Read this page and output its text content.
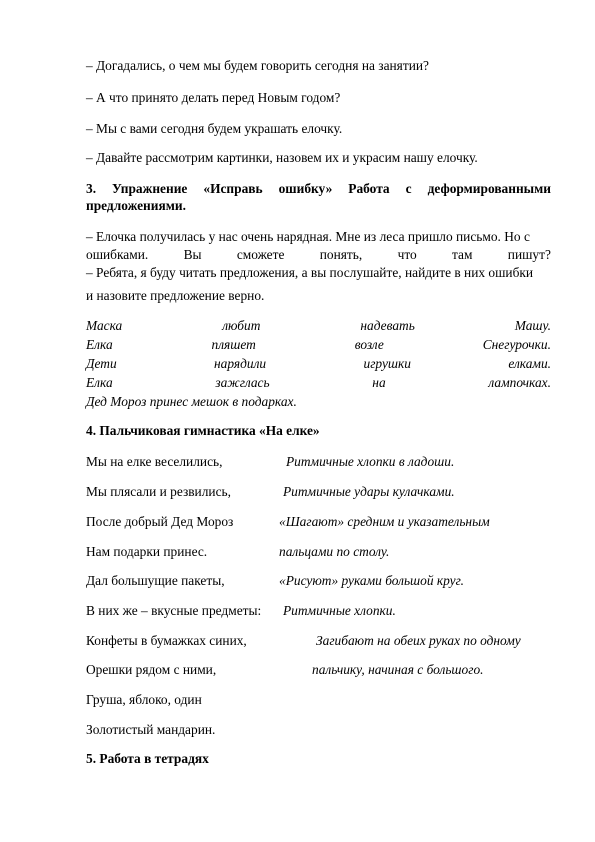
– Догадались, о чем мы будем говорить сегодня на занятии?
– А что принято делать перед Новым годом?
– Мы с вами сегодня будем украшать елочку.
– Давайте рассмотрим картинки, назовем их и украсим нашу елочку.
3. Упражнение «Исправь ошибку» Работа с деформированными
предложениями.
– Елочка получилась у нас очень нарядная. Мне из леса пришло письмо. Но с
ошибками.	Вы	сможете	понять,	что	там	пишут?
– Ребята, я буду читать предложения, а вы послушайте, найдите в них ошибки
и назовите предложение верно.
Маска	любит	надевать	Машу.
Елка	пляшет	возле	Снегурочки.
Дети	нарядили	игрушки	елками.
Елка	зажглась	на	лампочках.
Дед Мороз принес мешок в подарках.
4. Пальчиковая гимнастика «На елке»
Мы на елке веселились,	Ритмичные хлопки в ладоши.
Мы плясали и резвились,	Ритмичные удары кулачками.
После добрый Дед Мороз	«Шагают» средним и указательным
Нам подарки принес.	пальцами по столу.
Дал большущие пакеты,	«Рисуют» руками большой круг.
В них же – вкусные предметы: Ритмичные хлопки.
Конфеты в бумажках синих,	Загибают на обеих руках по одному
Орешки рядом с ними,	пальчику, начиная с большого.
Груша, яблоко, один
Золотистый мандарин.
5. Работа в тетрадях
